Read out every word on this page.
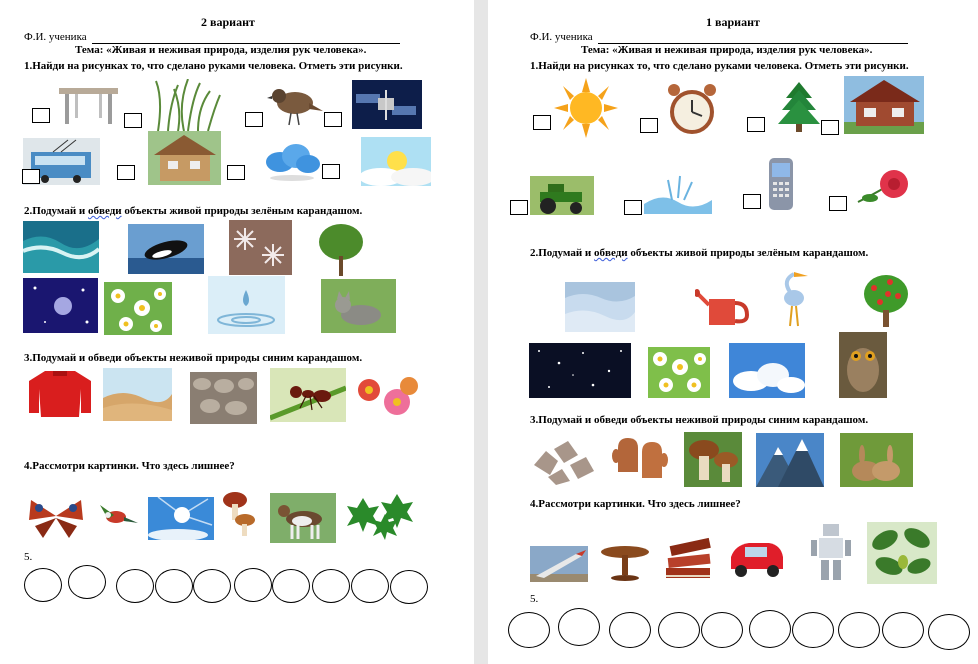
2 вариант
Ф.И. ученика
Тема: «Живая и неживая природа, изделия рук человека».
1.Найди на рисунках то, что сделано руками человека. Отметь эти рисунки.
2.Подумай и обведи объекты живой природы зелёным карандашом.
3.Подумай и обведи объекты неживой природы синим карандашом.
4.Рассмотри картинки. Что здесь лишнее?
5.
1 вариант
Ф.И. ученика
Тема: «Живая и неживая природа, изделия рук человека».
1.Найди на рисунках то, что сделано руками человека. Отметь эти рисунки.
2.Подумай и обведи объекты живой природы зелёным карандашом.
3.Подумай и обведи объекты неживой природы синим карандашом.
4.Рассмотри картинки. Что здесь лишнее?
5.
